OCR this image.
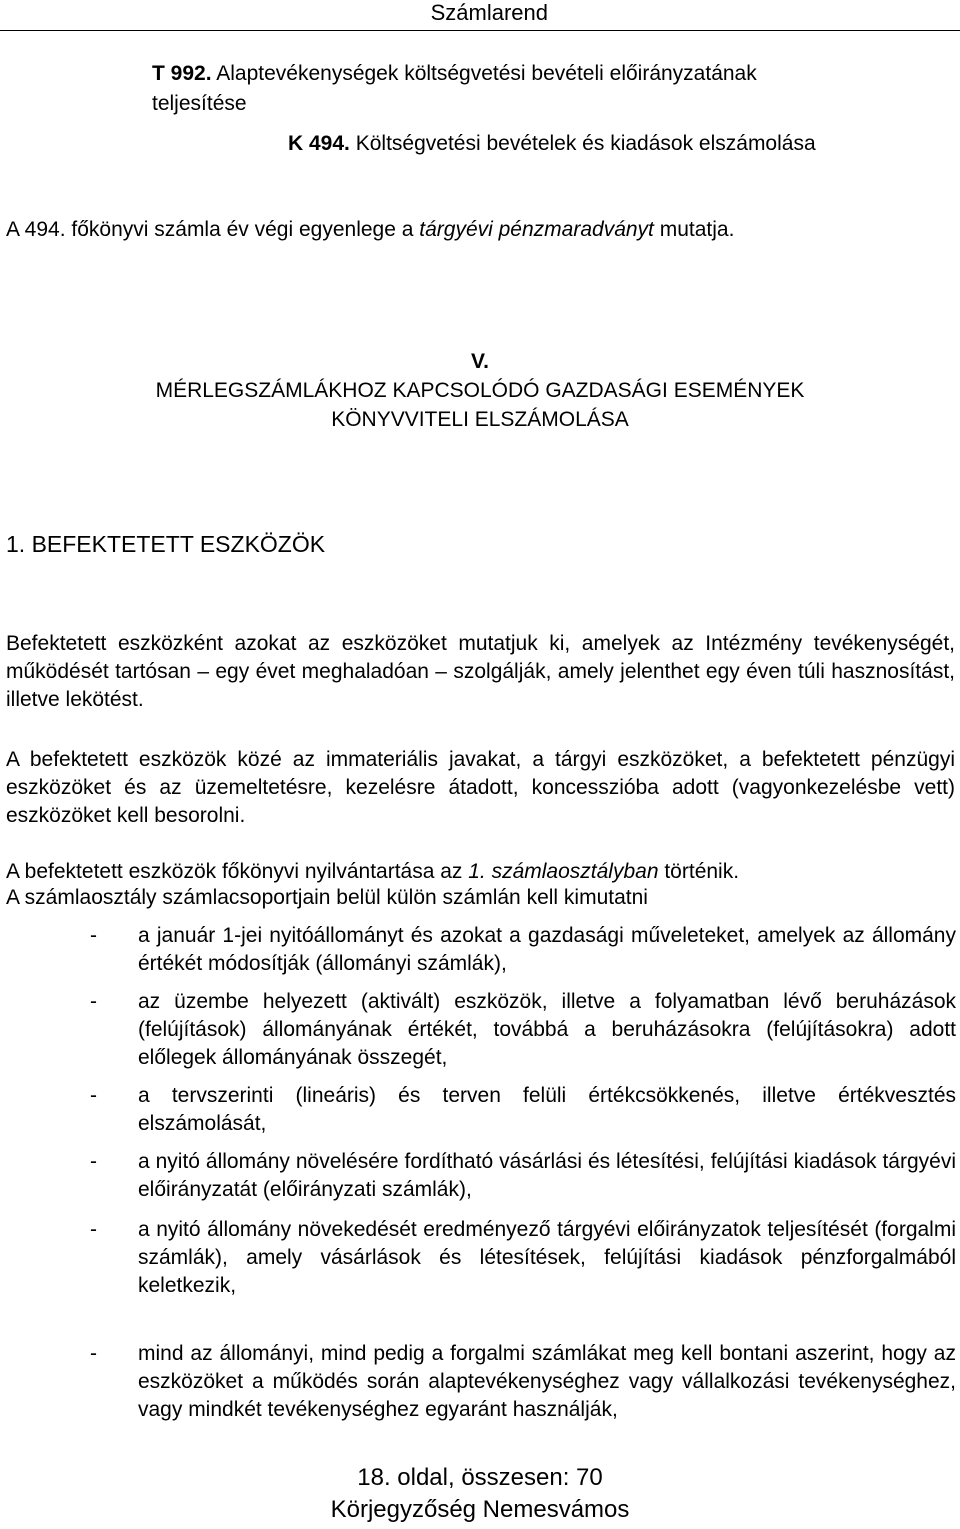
Számlarend

T 992. Alaptevékenységek költségvetési bevételi előirányzatának

teljesítése

K 494. Költségvetési bevételek és kiadások elszámolása

A 494. főkönyvi számla év végi egyenlege a tárgyévi pénzmaradványt mutatja.

V.
MÉRLEGSZÁMLÁKHOZ KAPCSOLÓDÓ GAZDASÁGI ESEMÉNYEK
KÖNYVVITELI ELSZÁMOLÁSA
1. BEFEKTETETT ESZKÖZÖK

Befektetett eszközként azokat az eszközöket mutatjuk ki, amelyek az Intézmény tevékenységét, működését tartósan – egy évet meghaladóan – szolgálják, amely jelenthet egy éven túli hasznosítást, illetve lekötést.

A befektetett eszközök közé az immateriális javakat, a tárgyi eszközöket, a befektetett pénzügyi eszközöket és az üzemeltetésre, kezelésre átadott, koncesszióba adott (vagyonkezelésbe vett) eszközöket kell besorolni.

A befektetett eszközök főkönyvi nyilvántartása az 1. számlaosztályban történik.

A számlaosztály számlacsoportjain belül külön számlán kell kimutatni

-	a január 1-jei nyitóállományt és azokat a gazdasági műveleteket, amelyek az állomány értékét módosítják (állományi számlák),
-	az üzembe helyezett (aktivált) eszközök, illetve a folyamatban lévő beruházások (felújítások) állományának értékét, továbbá a beruházásokra (felújításokra) adott előlegek állományának összegét,
-	a tervszerinti (lineáris) és terven felüli értékcsökkenés, illetve értékvesztés elszámolását,
-	a nyitó állomány növelésére fordítható vásárlási és létesítési, felújítási kiadások tárgyévi előirányzatát (előirányzati számlák),
-	a nyitó állomány növekedését eredményező tárgyévi előirányzatok teljesítését (forgalmi számlák), amely vásárlások és létesítések, felújítási kiadások pénzforgalmából keletkezik,
-	mind az állományi, mind pedig a forgalmi számlákat meg kell bontani aszerint, hogy az eszközöket a működés során alaptevékenységhez vagy vállalkozási tevékenységhez, vagy mindkét tevékenységhez egyaránt használják,
18. oldal, összesen: 70
Körjegyzőség Nemesvámos
